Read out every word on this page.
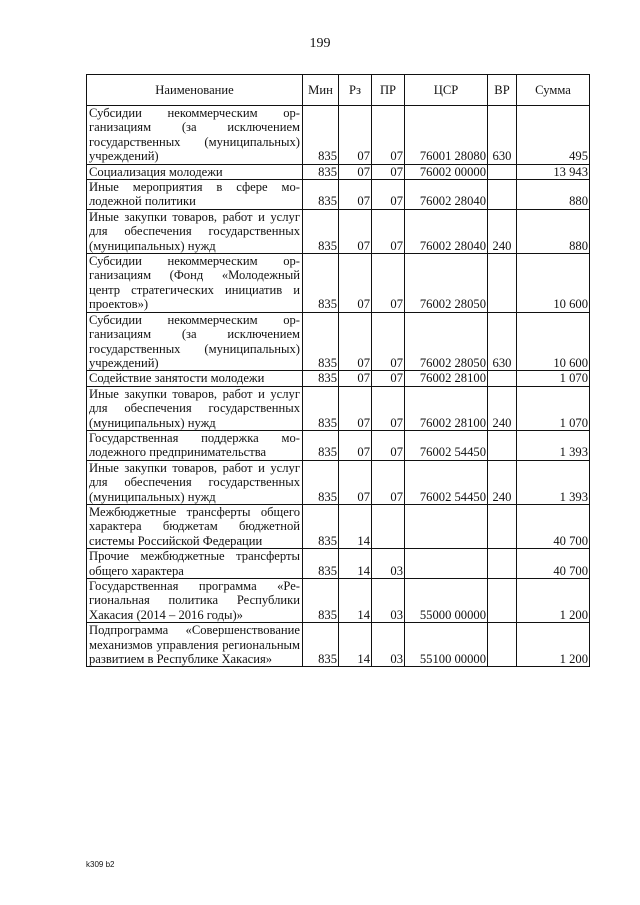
199
Наименование	Мин	Рз	ПР	ЦСР	ВР	Сумма
Субсидии некоммерческим организациям (за исключением государственных (муниципальных) учреждений)	835	07	07	76001 28080	630	495
Социализация молодежи	835	07	07	76002 00000		13 943
Иные мероприятия в сфере молодежной политики	835	07	07	76002 28040		880
Иные закупки товаров, работ и услуг для обеспечения государственных (муниципальных) нужд	835	07	07	76002 28040	240	880
Субсидии некоммерческим организациям (Фонд «Молодежный центр стратегических инициатив и проектов»)	835	07	07	76002 28050		10 600
Субсидии некоммерческим организациям (за исключением государственных (муниципальных) учреждений)	835	07	07	76002 28050	630	10 600
Содействие занятости молодежи	835	07	07	76002 28100		1 070
Иные закупки товаров, работ и услуг для обеспечения государственных (муниципальных) нужд	835	07	07	76002 28100	240	1 070
Государственная поддержка молодежного предпринимательства	835	07	07	76002 54450		1 393
Иные закупки товаров, работ и услуг для обеспечения государственных (муниципальных) нужд	835	07	07	76002 54450	240	1 393
Межбюджетные трансферты общего характера бюджетам бюджетной системы Российской Федерации	835	14				40 700
Прочие межбюджетные трансферты общего характера	835	14	03			40 700
Государственная программа «Региональная политика Республики Хакасия (2014 – 2016 годы)»	835	14	03	55000 00000		1 200
Подпрограмма «Совершенствование механизмов управления региональным развитием в Республике Хакасия»	835	14	03	55100 00000		1 200
k309 b2
